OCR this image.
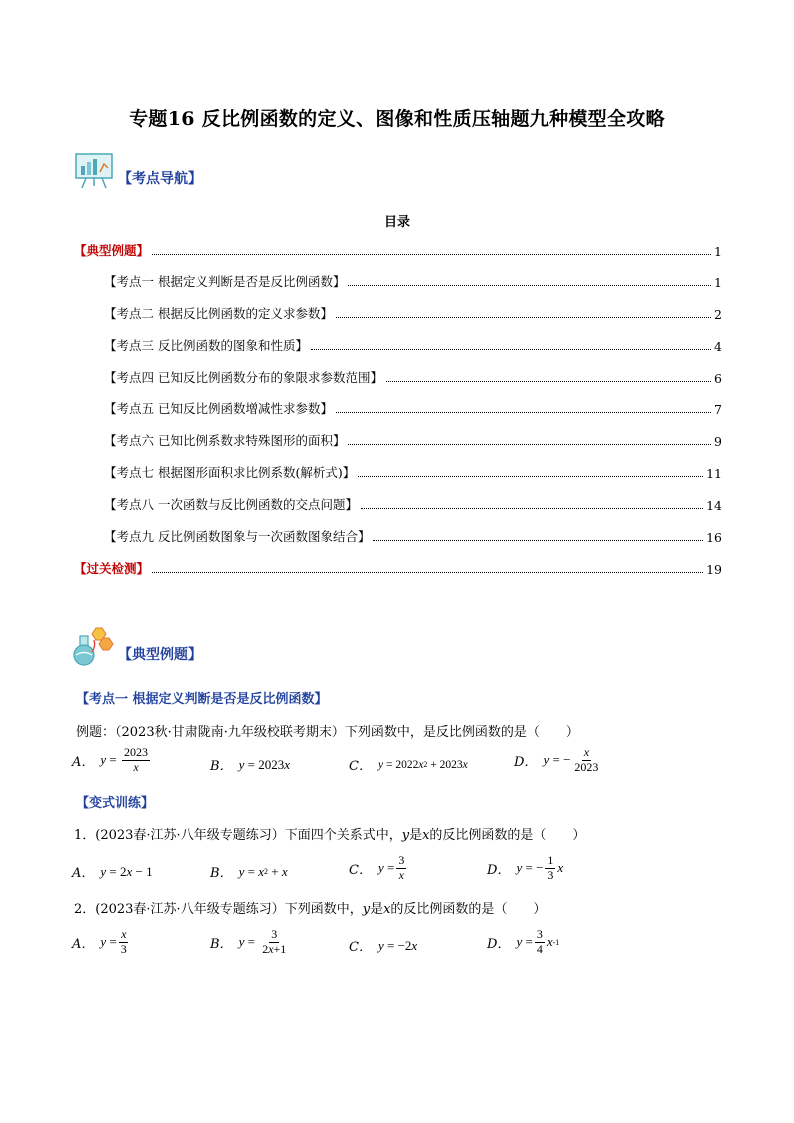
专题16 反比例函数的定义、图像和性质压轴题九种模型全攻略
【考点导航】
目录
【典型例题】	1
【考点一 根据定义判断是否是反比例函数】	1
【考点二 根据反比例函数的定义求参数】	2
【考点三 反比例函数的图象和性质】	4
【考点四 已知反比例函数分布的象限求参数范围】	6
【考点五 已知反比例函数增减性求参数】	7
【考点六 已知比例系数求特殊图形的面积】	9
【考点七 根据图形面积求比例系数(解析式)】	11
【考点八 一次函数与反比例函数的交点问题】	14
【考点九 反比例函数图象与一次函数图象结合】	16
【过关检测】	19
【典型例题】
【考点一 根据定义判断是否是反比例函数】
例题：（2023秋·甘肃陇南·九年级校联考期末）下列函数中，是反比例函数的是（　　）
A． y
=
$\frac{2023}{x}$	B． y
=
2023 x	C． y
=
2022 x 2
+
2023 x	D． y
=
− $\frac{x}{2023}$
【变式训练】
1．(2023春·江苏·八年级专题练习）下面四个关系式中，y是x的反比例函数的是（　　）
A． y
=
2 x
−
1	B． y
=
x 2
+
x	C． y
= $\frac{3}{x}$	D． y
=
− $\frac{1}{3}$ x
2．(2023春·江苏·八年级专题练习）下列函数中，y是x的反比例函数的是（　　）
A． y
= $\frac{x}{3}$	B． y
=
$\frac{3}{2x+1}$	C． y
=
− 2 x	D． y
= $\frac{3}{4}$ x -1
